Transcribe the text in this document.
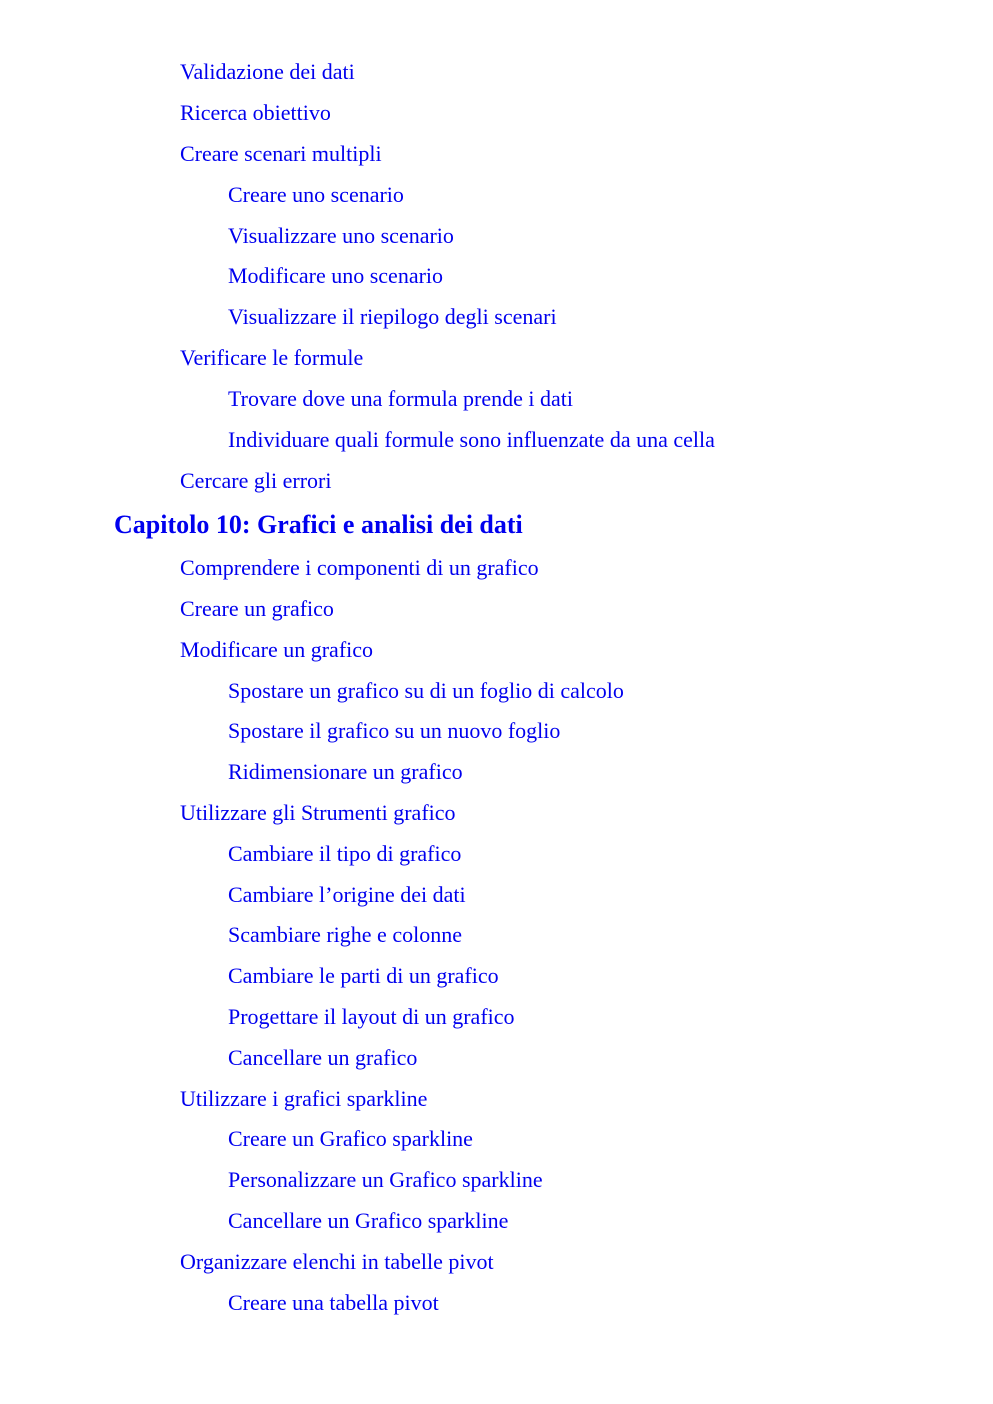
Validazione dei dati
Ricerca obiettivo
Creare scenari multipli
Creare uno scenario
Visualizzare uno scenario
Modificare uno scenario
Visualizzare il riepilogo degli scenari
Verificare le formule
Trovare dove una formula prende i dati
Individuare quali formule sono influenzate da una cella
Cercare gli errori
Capitolo 10: Grafici e analisi dei dati
Comprendere i componenti di un grafico
Creare un grafico
Modificare un grafico
Spostare un grafico su di un foglio di calcolo
Spostare il grafico su un nuovo foglio
Ridimensionare un grafico
Utilizzare gli Strumenti grafico
Cambiare il tipo di grafico
Cambiare l’origine dei dati
Scambiare righe e colonne
Cambiare le parti di un grafico
Progettare il layout di un grafico
Cancellare un grafico
Utilizzare i grafici sparkline
Creare un Grafico sparkline
Personalizzare un Grafico sparkline
Cancellare un Grafico sparkline
Organizzare elenchi in tabelle pivot
Creare una tabella pivot
